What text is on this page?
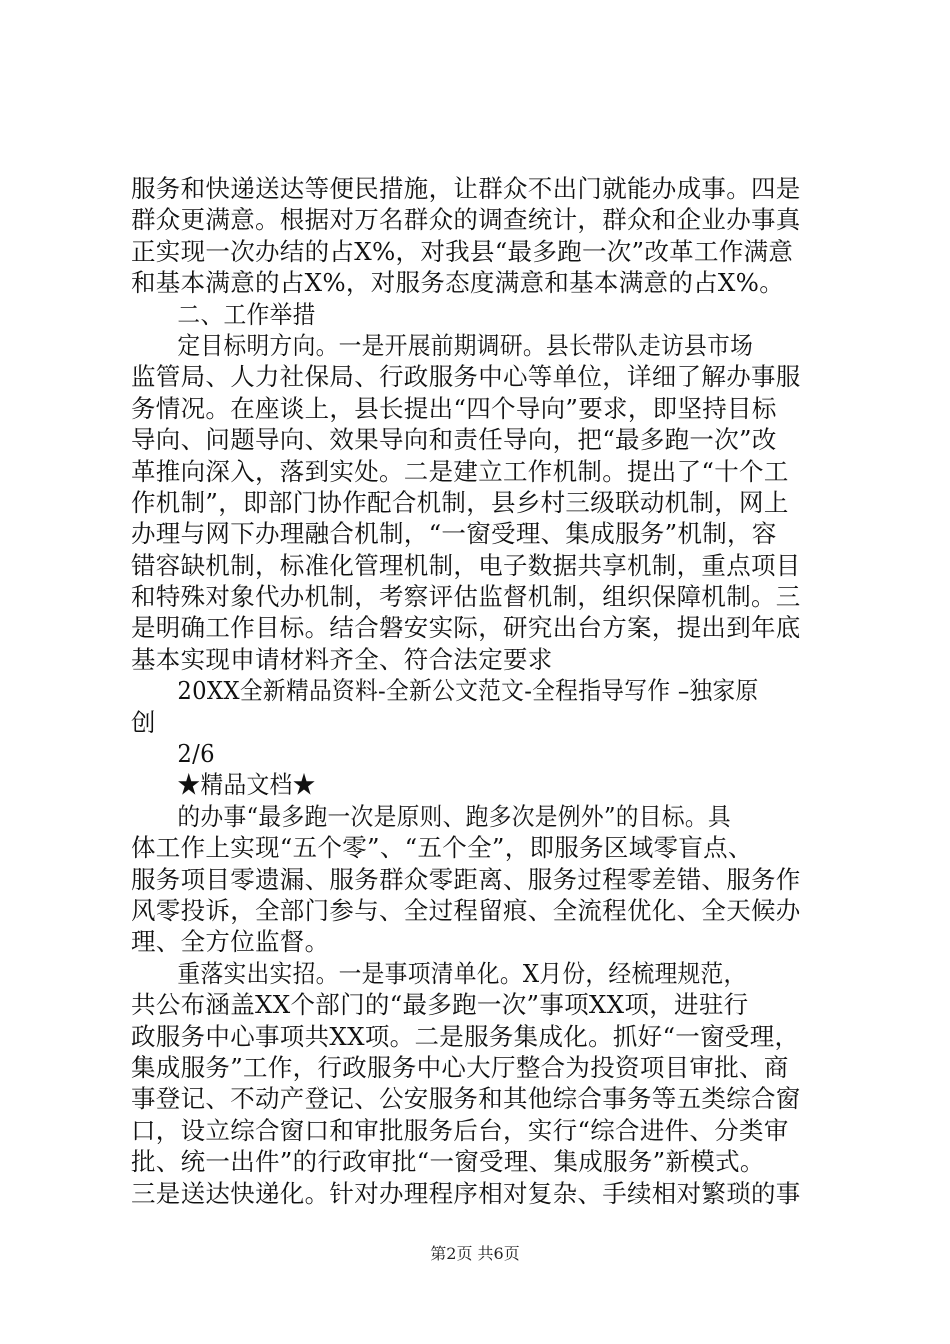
服务和快递送达等便民措施，让群众不出门就能办成事。四是
群众更满意。根据对万名群众的调查统计，群众和企业办事真
正实现一次办结的占X%，对我县“最多跑一次”改革工作满意
和基本满意的占X%，对服务态度满意和基本满意的占X%。
二、工作举措
定目标明方向。一是开展前期调研。县长带队走访县市场
监管局、人力社保局、行政服务中心等单位，详细了解办事服
务情况。在座谈上，县长提出“四个导向”要求，即坚持目标
导向、问题导向、效果导向和责任导向，把“最多跑一次”改
革推向深入，落到实处。二是建立工作机制。提出了“十个工
作机制”，即部门协作配合机制，县乡村三级联动机制，网上
办理与网下办理融合机制，“一窗受理、集成服务”机制，容
错容缺机制，标准化管理机制，电子数据共享机制，重点项目
和特殊对象代办机制，考察评估监督机制，组织保障机制。三
是明确工作目标。结合磐安实际，研究出台方案，提出到年底
基本实现申请材料齐全、符合法定要求
20XX全新精品资料-全新公文范文-全程指导写作 –独家原
创
2/6
★精品文档★
的办事“最多跑一次是原则、跑多次是例外”的目标。具
体工作上实现“五个零”、“五个全”，即服务区域零盲点、
服务项目零遗漏、服务群众零距离、服务过程零差错、服务作
风零投诉，全部门参与、全过程留痕、全流程优化、全天候办
理、全方位监督。
重落实出实招。一是事项清单化。X月份，经梳理规范，
共公布涵盖XX个部门的“最多跑一次”事项XX项，进驻行
政服务中心事项共XX项。二是服务集成化。抓好“一窗受理，
集成服务”工作，行政服务中心大厅整合为投资项目审批、商
事登记、不动产登记、公安服务和其他综合事务等五类综合窗
口，设立综合窗口和审批服务后台，实行“综合进件、分类审
批、统一出件”的行政审批“一窗受理、集成服务”新模式。
三是送达快递化。针对办理程序相对复杂、手续相对繁琐的事
第2页 共6页
